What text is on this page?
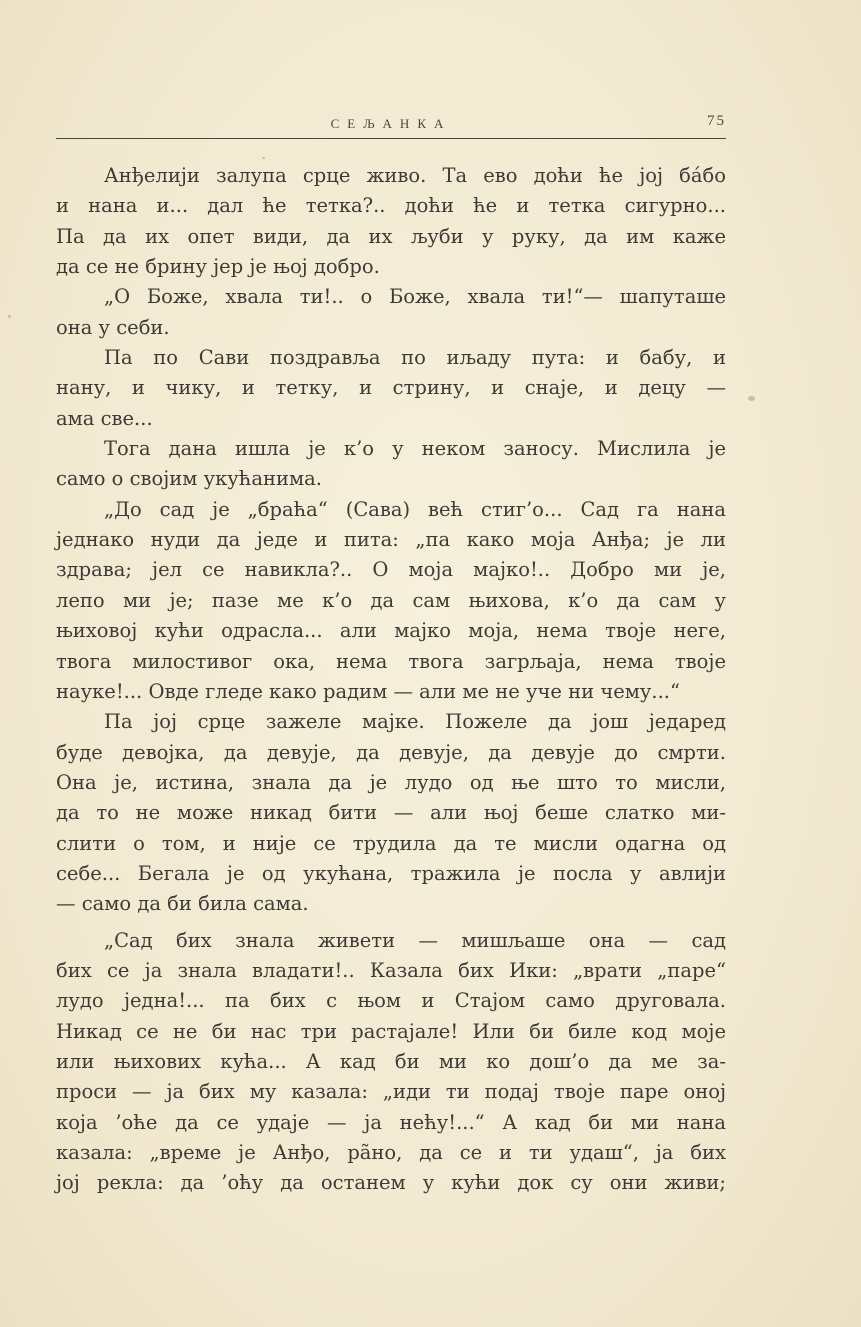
СЕЉАНКА	75
Анђелији залупа срце живо. Та ево доћи ће јој бáбо
и нана и... дал ће тетка?.. доћи ће и тетка сигурно...
Па да их опет види, да их љуби у руку, да им каже
да се не брину јер је њој добро.
„О Боже, хвала ти!.. о Боже, хвала ти!“— шапуташе
она у себи.
Па по Сави поздравља по иљаду пута: и бабу, и
нану, и чику, и тетку, и стрину, и снаје, и децу —
ама све...
Тога дана ишла је к’о у неком заносу. Мислила је
само о својим укућанима.
„До сад је „браћа“ (Сава) већ стиг’о... Сад га нана
једнако нуди да једе и пита: „па како моја Анђа; је ли
здрава; јел се навикла?.. О моја мајко!.. Добро ми је,
лепо ми је; пазе ме к’о да сам њихова, к’о да сам у
њиховој кући одрасла... али мајко моја, нема твоје неге,
твога милостивог ока, нема твога загрљаја, нема твоје
науке!... Овде гледе како радим — али ме не уче ни чему...“
Па јој срце зажеле мајке. Пожеле да још једаред
буде девојка, да девује, да девује, да девује до смрти.
Она је, истина, знала да је лудо од ње што то мисли,
да то не може никад бити — али њој беше слатко ми-
слити о том, и није се трудила да те мисли одагна од
себе... Бегала је од укућана, тражила је посла у авлији
— само да би била сама.
„Сад бих знала живети — мишљаше она — сад
бих се ја знала владати!.. Казала бих Ики: „врати „паре“
лудо једна!... па бих с њом и Стајом само друговала.
Никад се не би нас три растајале! Или би биле код моје
или њихових кућа... А кад би ми ко дош’о да ме за-
проси — ја бих му казала: „иди ти подај твоје паре оној
која ’оће да се удаје — ја нећу!...“ А кад би ми нана
казала: „време је Анђо, рãно, да се и ти удаш“, ја бих
јој рекла: да ’оћу да останем у кући док су они живи;
